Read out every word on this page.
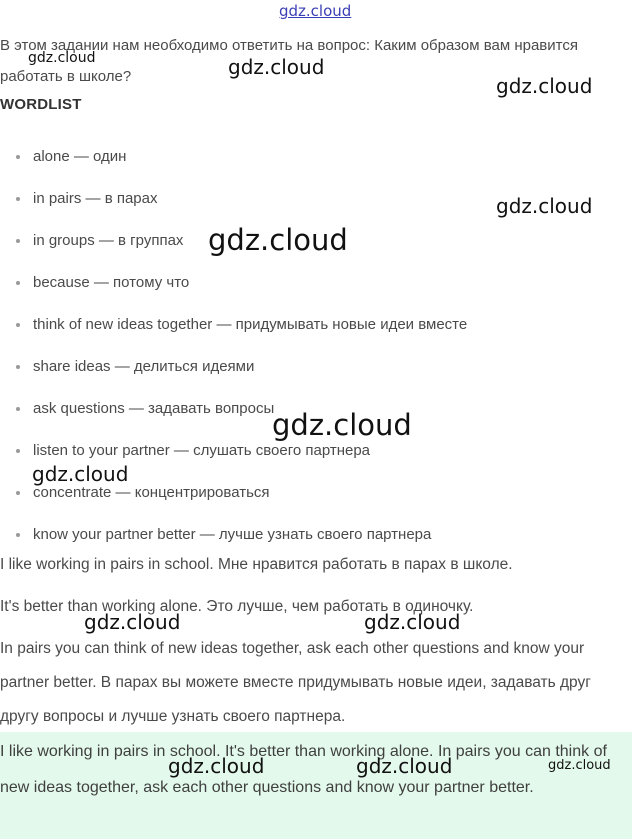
gdz.cloud
В этом задании нам необходимо ответить на вопрос: Каким образом вам нравится работать в школе?
WORDLIST
alone — один
in pairs — в парах
in groups — в группах
because — потому что
think of new ideas together — придумывать новые идеи вместе
share ideas — делиться идеями
ask questions — задавать вопросы
listen to your partner — слушать своего партнера
concentrate — концентрироваться
know your partner better — лучше узнать своего партнера
I like working in pairs in school. Мне нравится работать в парах в школе.
It's better than working alone. Это лучше, чем работать в одиночку.
In pairs you can think of new ideas together, ask each other questions and know your partner better. В парах вы можете вместе придумывать новые идеи, задавать друг другу вопросы и лучше узнать своего партнера.
I like working in pairs in school. It's better than working alone. In pairs you can think of new ideas together, ask each other questions and know your partner better.
gdz.cloud	gdz.cloud
gdz.cloud
gdz.cloud
gdz.cloud
gdz.cloud
gdz.cloud
gdz.cloud	gdz.cloud
gdz.cloud	gdz.cloud	gdz.cloud
